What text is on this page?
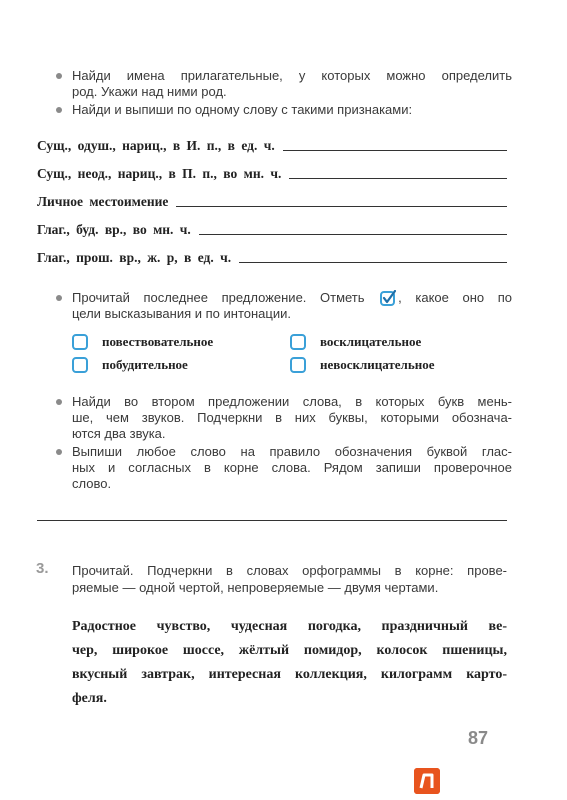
Найди имена прилагательные, у которых можно определить
род. Укажи над ними род.
Найди и выпиши по одному слову с такими признаками:
Сущ., одуш., нариц., в И. п., в ед. ч.
Сущ., неод., нариц., в П. п., во мн. ч.
Личное местоимение
Глаг., буд. вр., во мн. ч.
Глаг., прош. вр., ж. р, в ед. ч.
Прочитай последнее предложение. Отметь	, какое оно по
цели высказывания и по интонации.
повествовательное	восклицательное
побудительное	невосклицательное
Найди во втором предложении слова, в которых букв мень-
ше, чем звуков. Подчеркни в них буквы, которыми обознача-
ются два звука.
Выпиши любое слово на правило обозначения буквой глас-
ных и согласных в корне слова. Рядом запиши проверочное
слово.
3. Прочитай. Подчеркни в словах орфограммы в корне: прове-
ряемые — одной чертой, непроверяемые — двумя чертами.
Радостное чувство, чудесная погодка, праздничный ве-
чер, широкое шоссе, жёлтый помидор, колосок пшеницы,
вкусный завтрак, интересная коллекция, килограмм карто-
феля.
87
